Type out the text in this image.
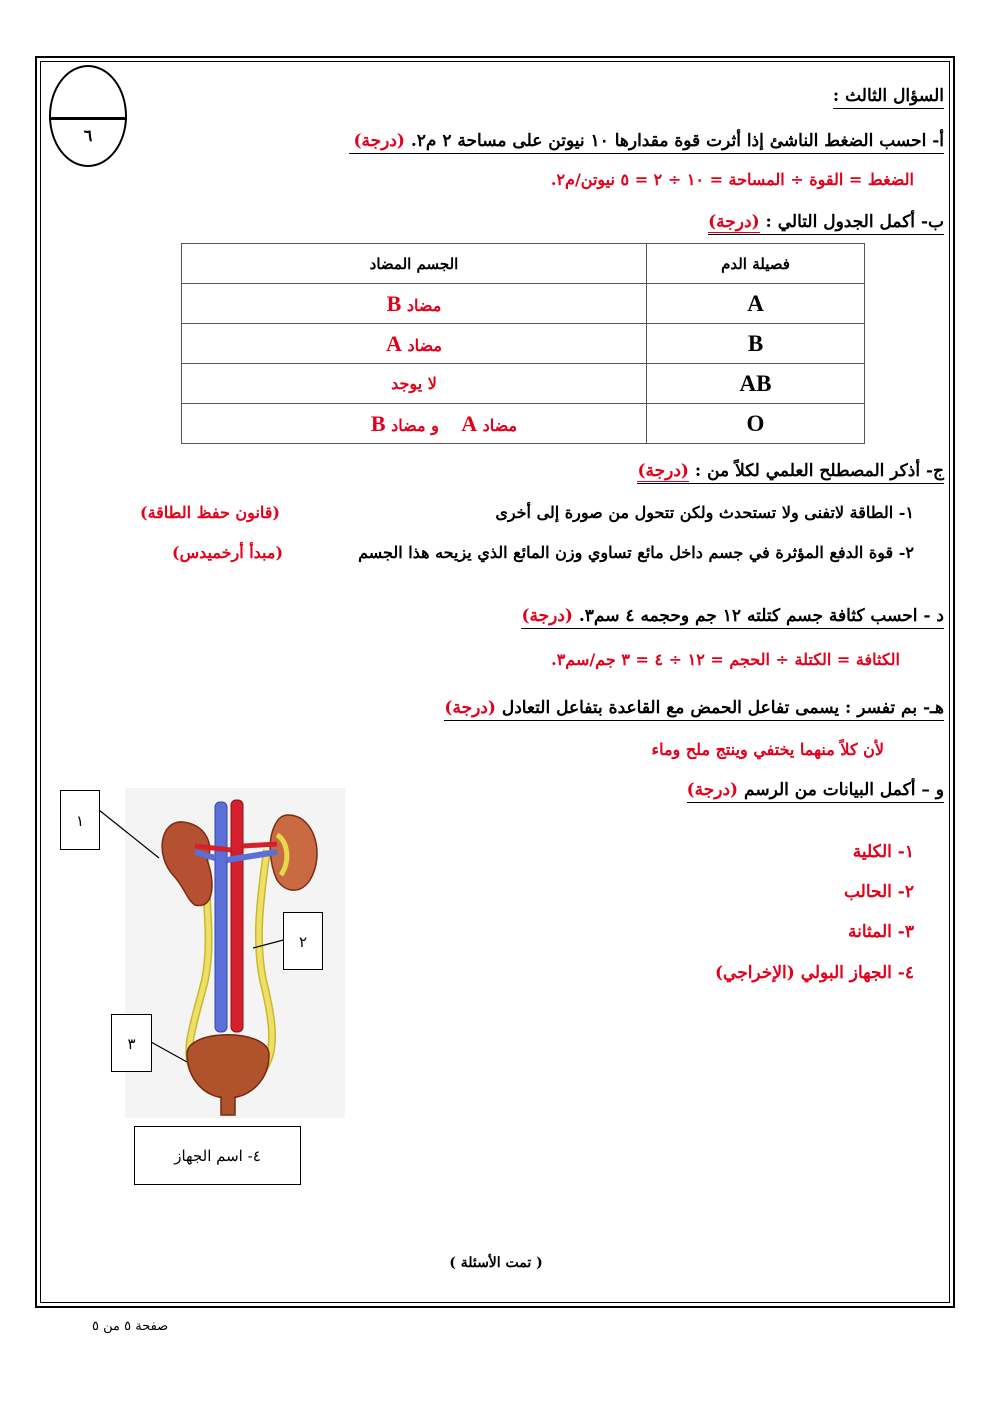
٦
السؤال الثالث :
أ- احسب الضغط الناشئ إذا أثرت قوة مقدارها ١٠ نيوتن على مساحة ٢ م٢. (درجة)
الضغط = القوة ÷ المساحة = ١٠ ÷ ٢ = ٥ نيوتن/م٢.
ب- أكمل الجدول التالي : (درجة)
فصيلة الدم	الجسم المضاد
A	مضاد B
B	مضاد A
AB	لا يوجد
O	مضاد A    و مضاد B
ج- أذكر المصطلح العلمي لكلاً من : (درجة)
١- الطاقة لاتفنى ولا تستحدث ولكن تتحول من صورة إلى أخرى
(قانون حفظ الطاقة)
٢- قوة الدفع المؤثرة في جسم داخل مائع تساوي وزن المائع الذي يزيحه هذا الجسم
(مبدأ أرخميدس)
د - احسب كثافة جسم كتلته ١٢ جم وحجمه ٤ سم٣. (درجة)
الكثافة = الكتلة ÷ الحجم = ١٢ ÷ ٤ = ٣ جم/سم٣.
هـ- بم تفسر : يسمى تفاعل الحمض مع القاعدة بتفاعل التعادل (درجة)
لأن كلاً منهما يختفي وينتج ملح وماء
و – أكمل البيانات من الرسم (درجة)
١- الكلية
٢- الحالب
٣- المثانة
٤- الجهاز البولي (الإخراجي)
١
٢
٣
٤- اسم الجهاز
( تمت الأسئلة )
صفحة ٥ من ٥
